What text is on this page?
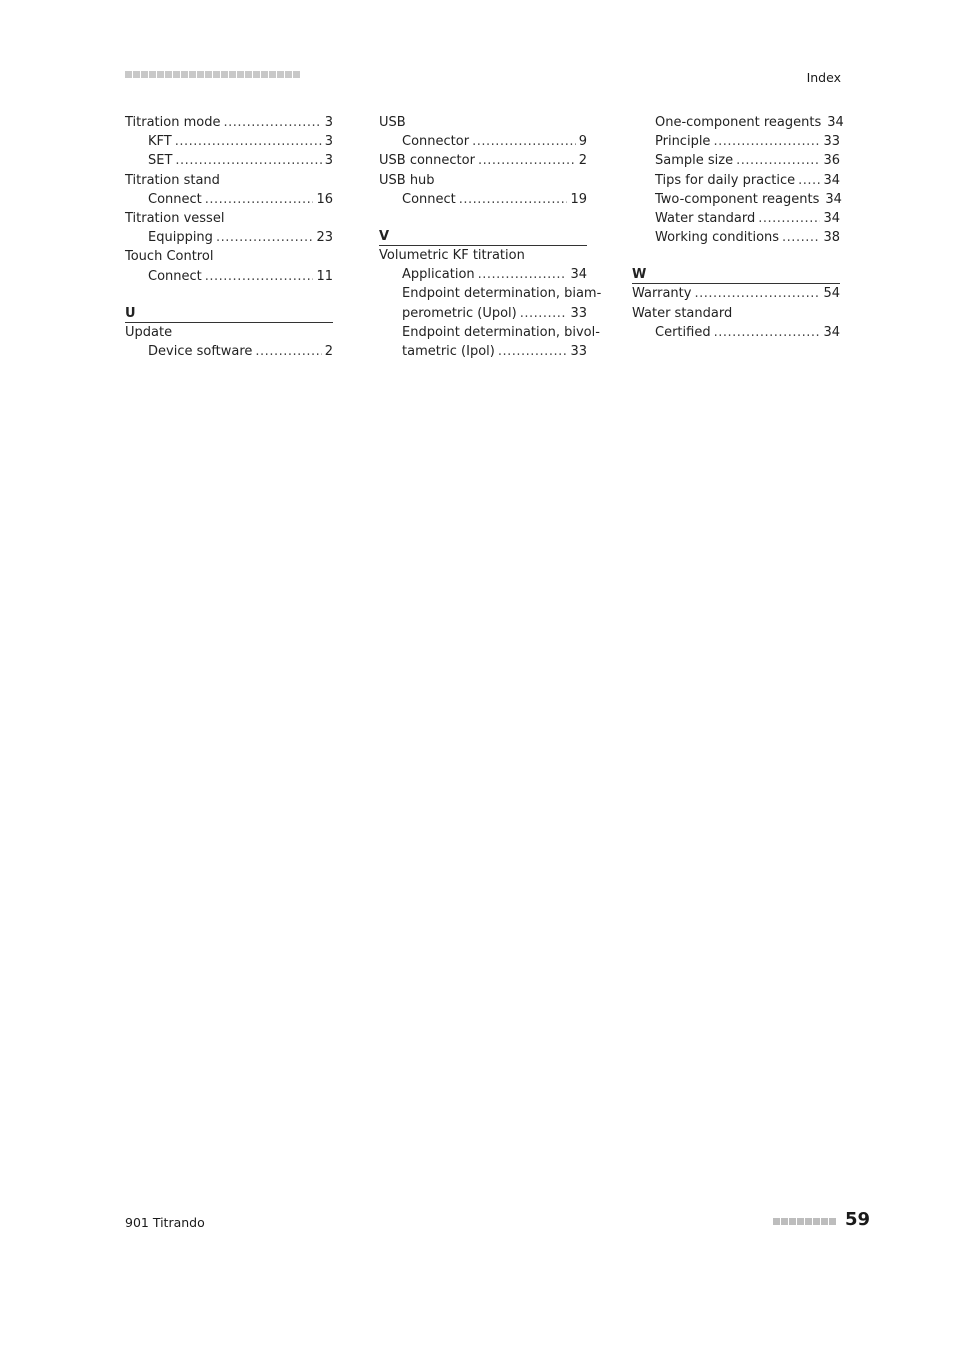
Index
Titration mode .....	3
KFT .....	3
SET .....	3
Titration stand
Connect .....	16
Titration vessel
Equipping .....	23
Touch Control
Connect .....	11
U
Update
Device software .....	2
USB
Connector .....	9
USB connector .....	2
USB hub
Connect .....	19
V
Volumetric KF titration
Application .....	34
Endpoint determination, biam-
perometric (Upol) .....	33
Endpoint determination, bivol-
tametric (Ipol) .....	33
One-component reagents 34
Principle .....	33
Sample size .....	36
Tips for daily practice ..... 34
Two-component reagents 34
Water standard .....	34
Working conditions .....	38
W
Warranty .....	54
Water standard
Certified .....	34
901 Titrando	59
